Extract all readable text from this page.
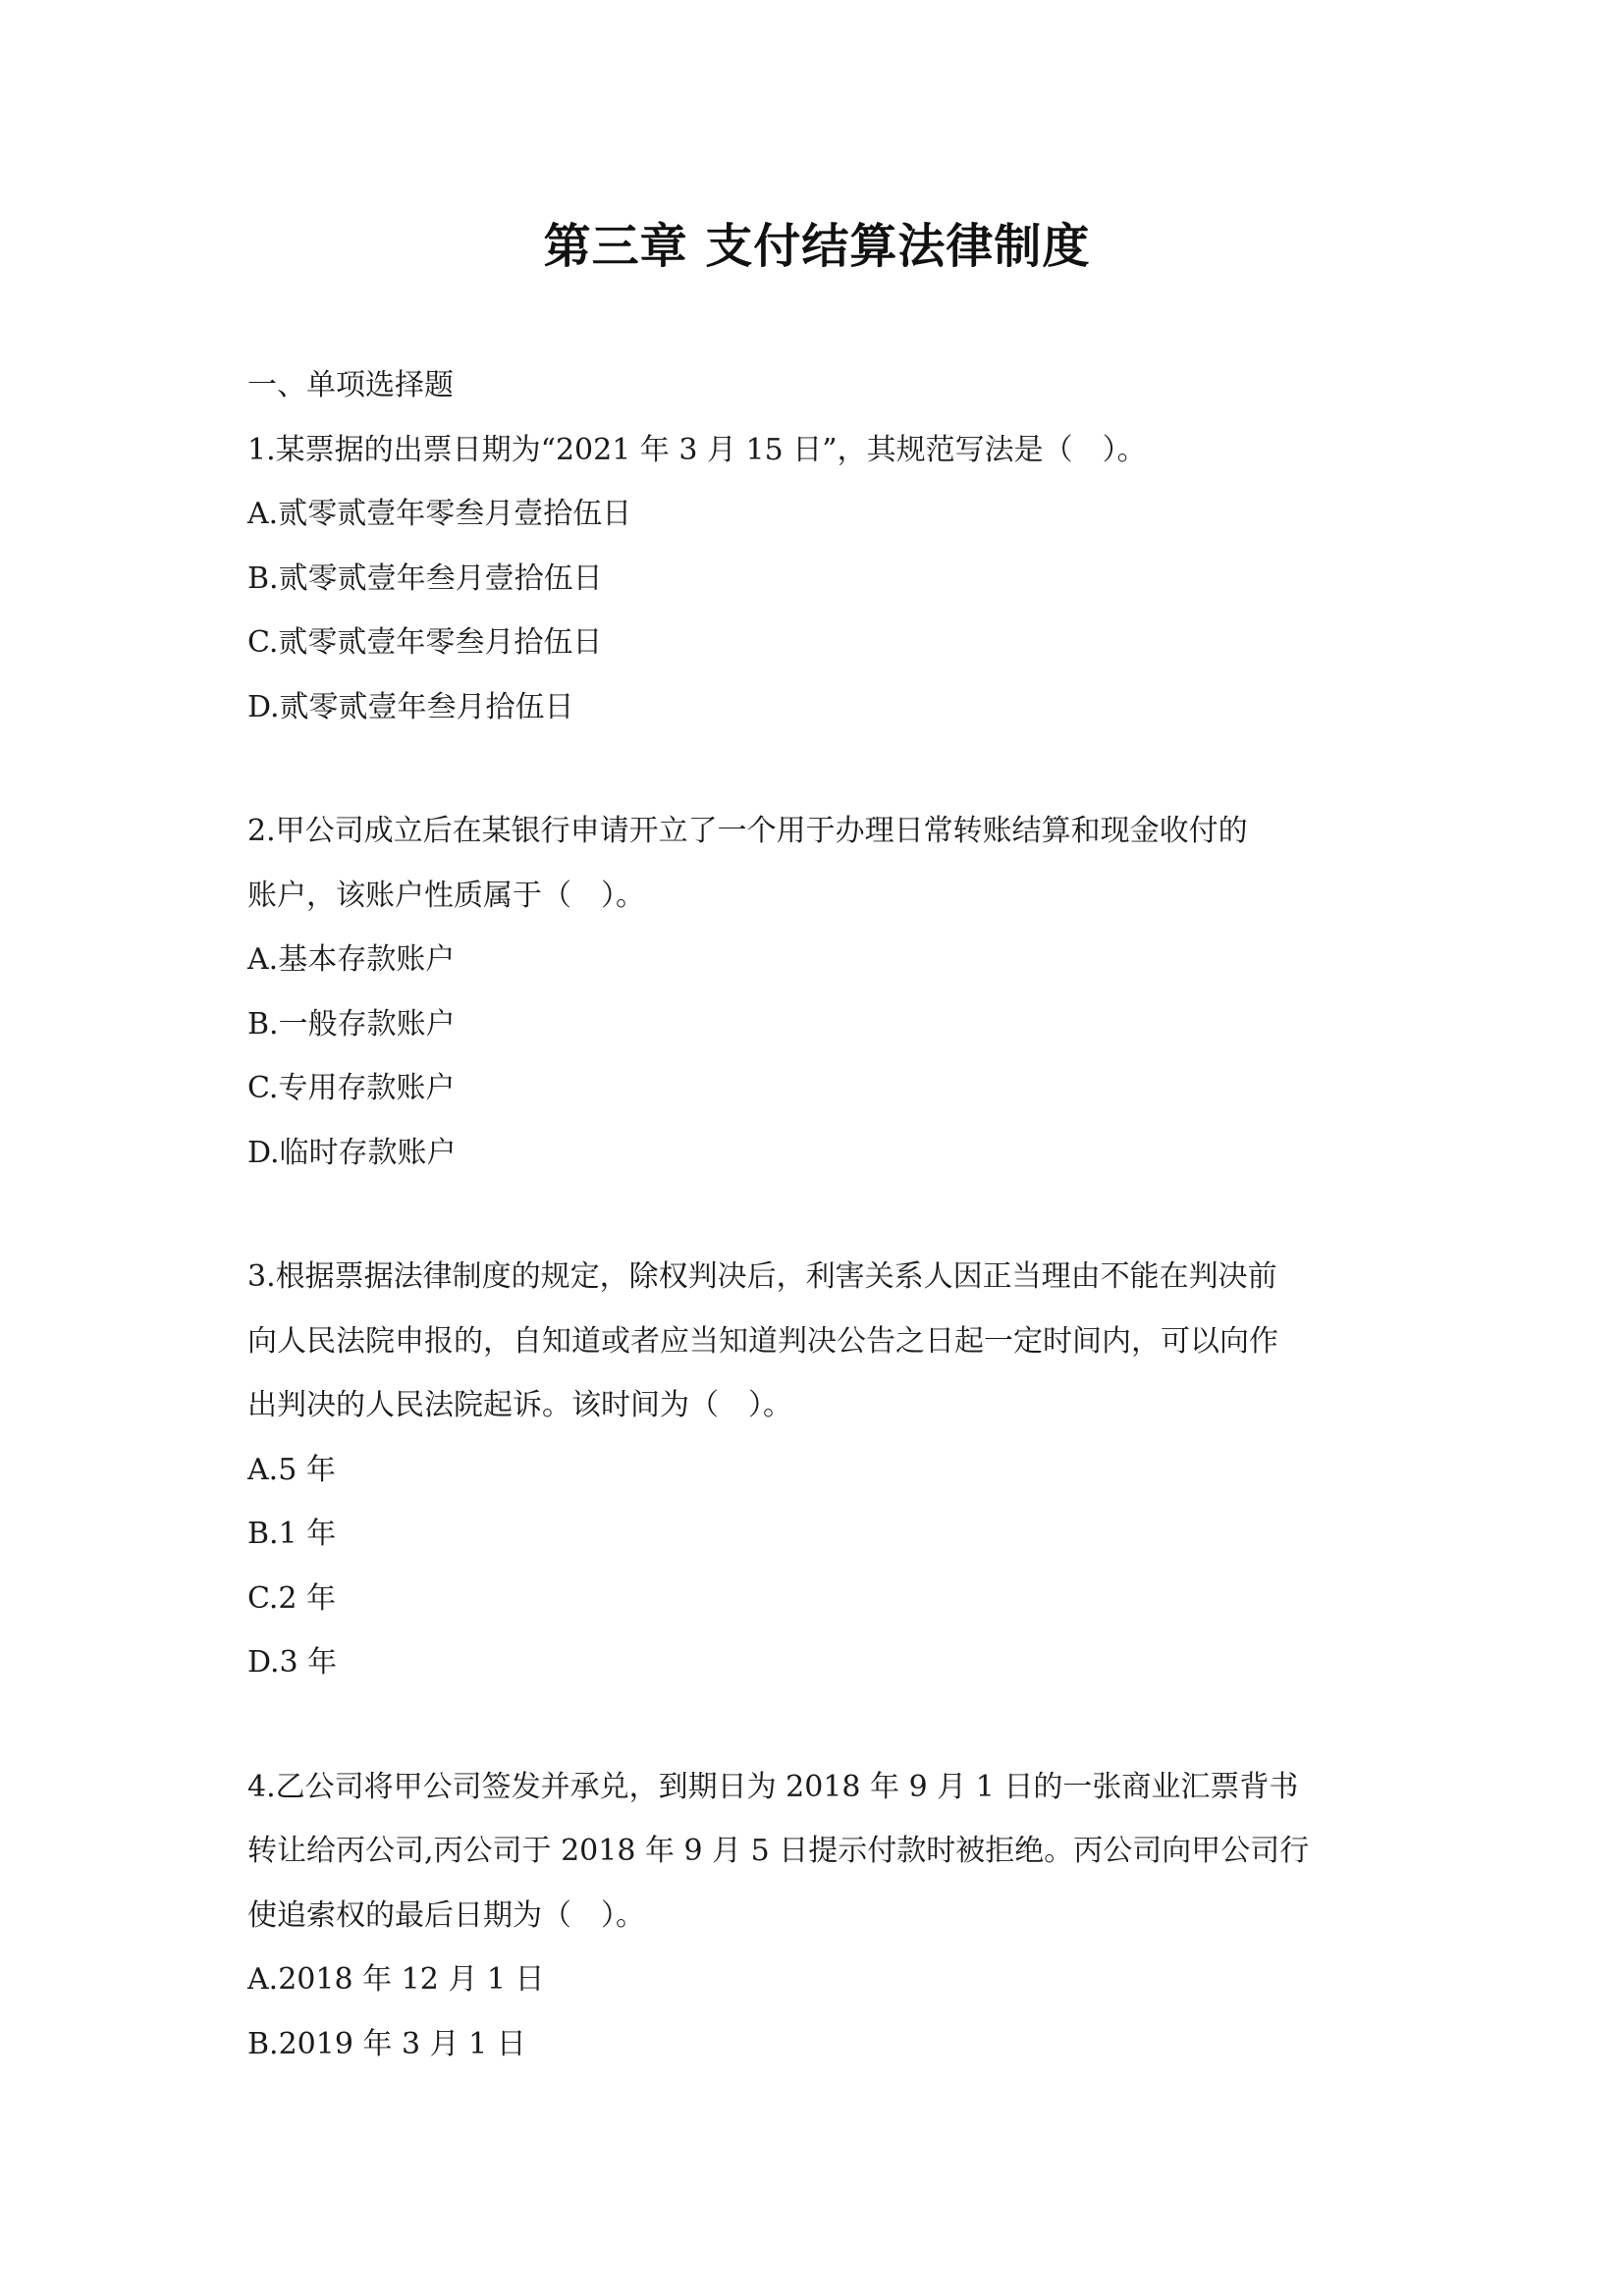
第三章 支付结算法律制度

一、单项选择题

1.某票据的出票日期为“2021 年 3 月 15 日”，其规范写法是（　）。

A.贰零贰壹年零叁月壹拾伍日

B.贰零贰壹年叁月壹拾伍日

C.贰零贰壹年零叁月拾伍日

D.贰零贰壹年叁月拾伍日

2.甲公司成立后在某银行申请开立了一个用于办理日常转账结算和现金收付的

账户，该账户性质属于（　）。

A.基本存款账户

B.一般存款账户

C.专用存款账户

D.临时存款账户

3.根据票据法律制度的规定，除权判决后，利害关系人因正当理由不能在判决前

向人民法院申报的，自知道或者应当知道判决公告之日起一定时间内，可以向作

出判决的人民法院起诉。该时间为（　）。

A.5 年

B.1 年

C.2 年

D.3 年

4.乙公司将甲公司签发并承兑，到期日为 2018 年 9 月 1 日的一张商业汇票背书

转让给丙公司,丙公司于 2018 年 9 月 5 日提示付款时被拒绝。丙公司向甲公司行

使追索权的最后日期为（　）。

A.2018 年 12 月 1 日

B.2019 年 3 月 1 日
